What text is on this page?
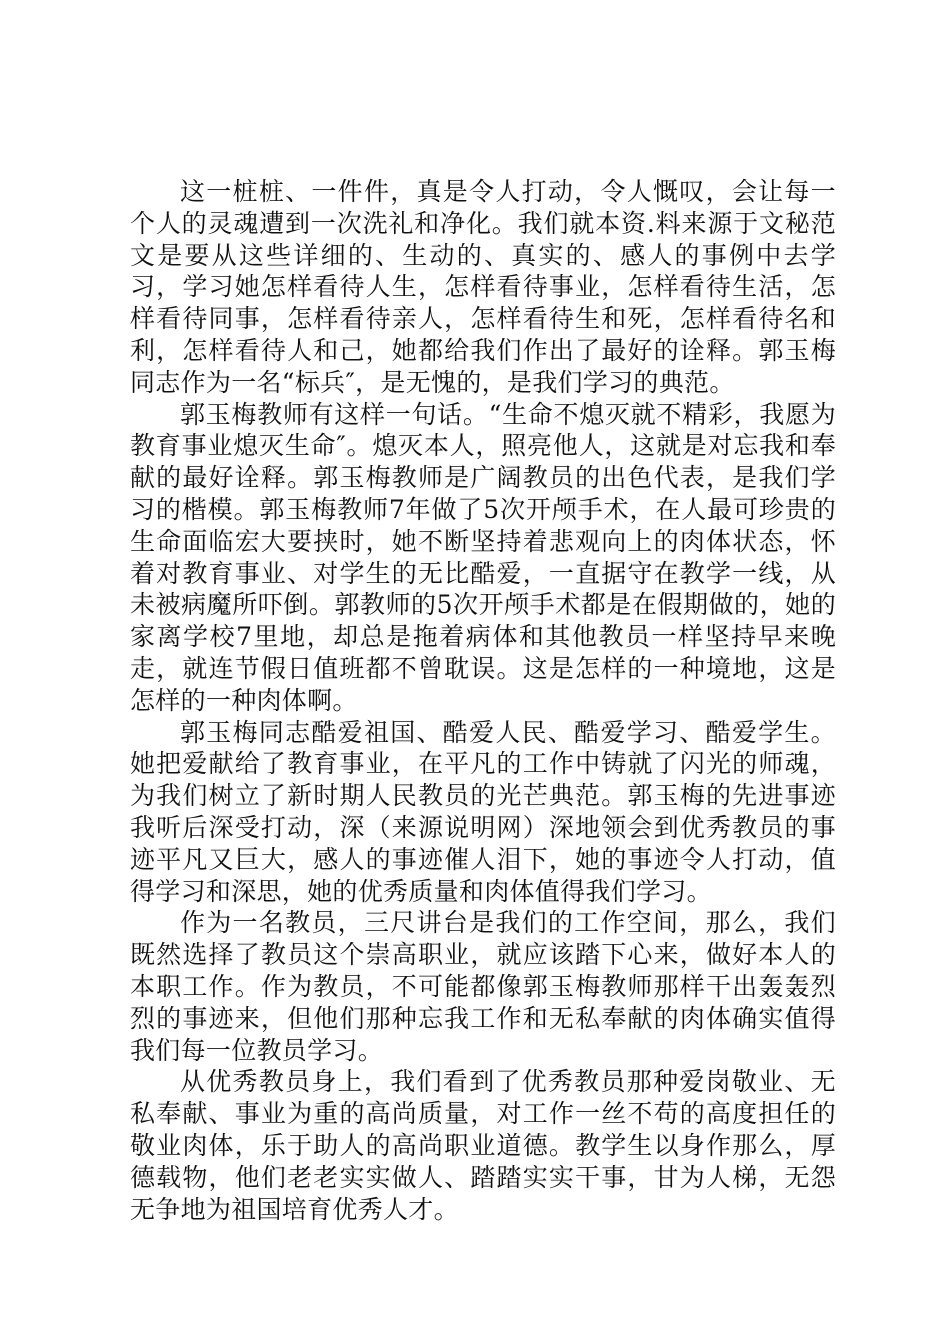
这一桩桩、一件件，真是令人打动，令人慨叹，会让每一个人的灵魂遭到一次洗礼和净化。我们就本资.料来源于文秘范文是要从这些详细的、生动的、真实的、感人的事例中去学习，学习她怎样看待人生，怎样看待事业，怎样看待生活，怎样看待同事，怎样看待亲人，怎样看待生和死，怎样看待名和利，怎样看待人和己，她都给我们作出了最好的诠释。郭玉梅同志作为一名“标兵″，是无愧的，是我们学习的典范。

郭玉梅教师有这样一句话。“生命不熄灭就不精彩，我愿为教育事业熄灭生命″。熄灭本人，照亮他人，这就是对忘我和奉献的最好诠释。郭玉梅教师是广阔教员的出色代表，是我们学习的楷模。郭玉梅教师7年做了5次开颅手术，在人最可珍贵的生命面临宏大要挟时，她不断坚持着悲观向上的肉体状态，怀着对教育事业、对学生的无比酷爱，一直据守在教学一线，从未被病魔所吓倒。郭教师的5次开颅手术都是在假期做的，她的家离学校7里地，却总是拖着病体和其他教员一样坚持早来晚走，就连节假日值班都不曾耽误。这是怎样的一种境地，这是怎样的一种肉体啊。

郭玉梅同志酷爱祖国、酷爱人民、酷爱学习、酷爱学生。她把爱献给了教育事业，在平凡的工作中铸就了闪光的师魂，为我们树立了新时期人民教员的光芒典范。郭玉梅的先进事迹我听后深受打动，深（来源说明网）深地领会到优秀教员的事迹平凡又巨大，感人的事迹催人泪下，她的事迹令人打动，值得学习和深思，她的优秀质量和肉体值得我们学习。

作为一名教员，三尺讲台是我们的工作空间，那么，我们既然选择了教员这个崇高职业，就应该踏下心来，做好本人的本职工作。作为教员，不可能都像郭玉梅教师那样干出轰轰烈烈的事迹来，但他们那种忘我工作和无私奉献的肉体确实值得我们每一位教员学习。

从优秀教员身上，我们看到了优秀教员那种爱岗敬业、无私奉献、事业为重的高尚质量，对工作一丝不苟的高度担任的敬业肉体，乐于助人的高尚职业道德。教学生以身作那么，厚德载物，他们老老实实做人、踏踏实实干事，甘为人梯，无怨无争地为祖国培育优秀人才。
